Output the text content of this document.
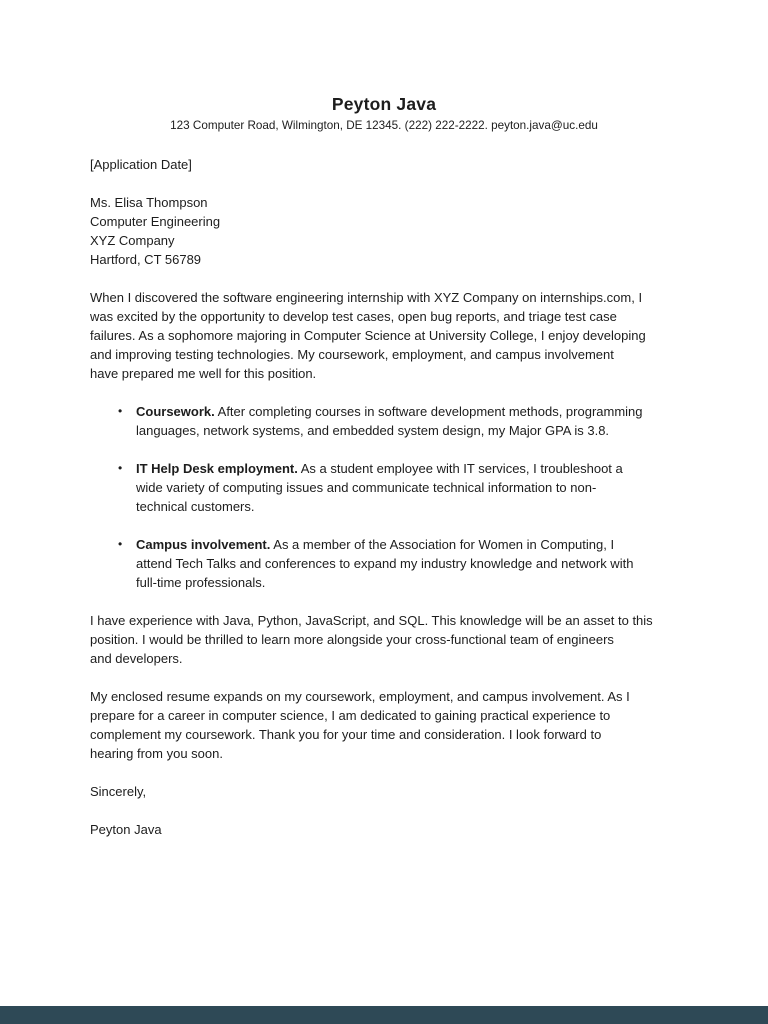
Peyton Java
123 Computer Road, Wilmington, DE 12345. (222) 222-2222. peyton.java@uc.edu
[Application Date]
Ms. Elisa Thompson
Computer Engineering
XYZ Company
Hartford, CT 56789
When I discovered the software engineering internship with XYZ Company on internships.com, I
was excited by the opportunity to develop test cases, open bug reports, and triage test case
failures. As a sophomore majoring in Computer Science at University College, I enjoy developing
and improving testing technologies. My coursework, employment, and campus involvement
have prepared me well for this position.
•	Coursework. After completing courses in software development methods, programming
languages, network systems, and embedded system design, my Major GPA is 3.8.
•	IT Help Desk employment. As a student employee with IT services, I troubleshoot a
wide variety of computing issues and communicate technical information to non-
technical customers.
•	Campus involvement. As a member of the Association for Women in Computing, I
attend Tech Talks and conferences to expand my industry knowledge and network with
full-time professionals.
I have experience with Java, Python, JavaScript, and SQL. This knowledge will be an asset to this
position. I would be thrilled to learn more alongside your cross-functional team of engineers
and developers.
My enclosed resume expands on my coursework, employment, and campus involvement. As I
prepare for a career in computer science, I am dedicated to gaining practical experience to
complement my coursework. Thank you for your time and consideration. I look forward to
hearing from you soon.
Sincerely,
Peyton Java
